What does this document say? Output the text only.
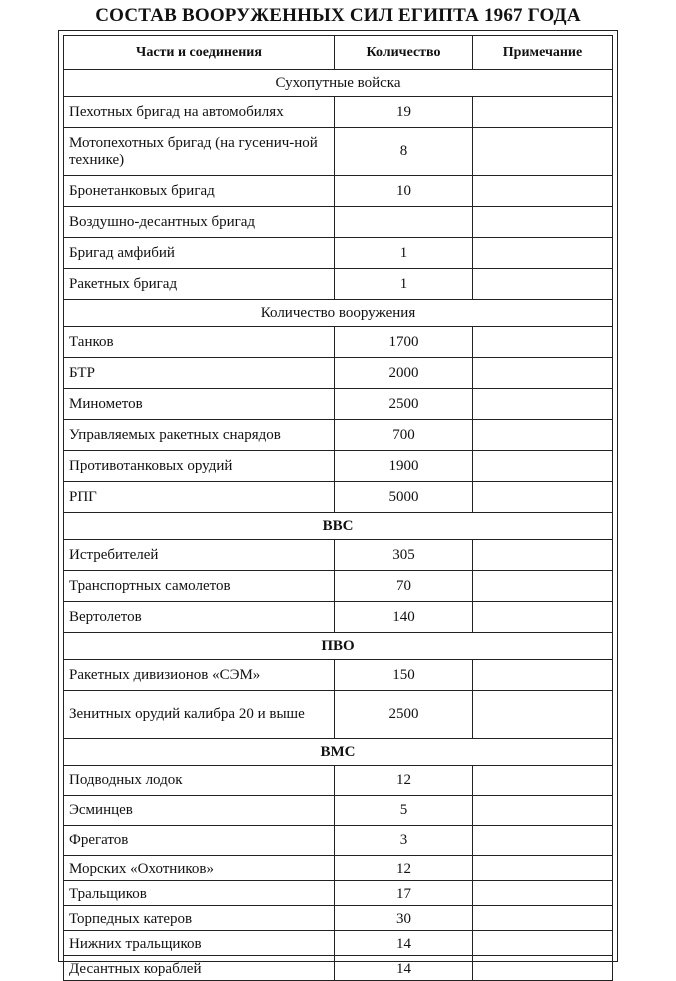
СОСТАВ ВООРУЖЕННЫХ СИЛ ЕГИПТА 1967 ГОДА
Части и соединения	Количество	Примечание
Сухопутные войска		
Пехотных бригад на автомобилях	19	
Мотопехотных бригад (на гусенич-ной технике)	8	
Бронетанковых бригад	10	
Воздушно-десантных бригад		
Бригад амфибий	1	
Ракетных бригад	1	
Количество вооружения		
Танков	1700	
БТР	2000	
Минометов	2500	
Управляемых ракетных снарядов	700	
Противотанковых орудий	1900	
РПГ	5000	
ВВС		
Истребителей	305	
Транспортных самолетов	70	
Вертолетов	140	
ПВО		
Ракетных дивизионов «СЭМ»	150	
Зенитных орудий калибра 20 и выше	2500	
ВМС		
Подводных лодок	12	
Эсминцев	5	
Фрегатов	3	
Морских «Охотников»	12	
Тральщиков	17	
Торпедных катеров	30	
Нижних тральщиков	14	
Десантных кораблей	14	
